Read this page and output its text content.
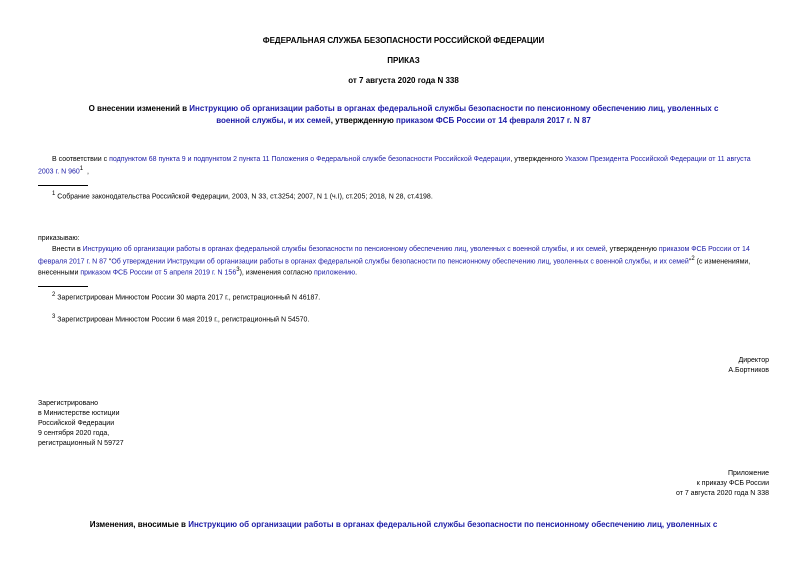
ФЕДЕРАЛЬНАЯ СЛУЖБА БЕЗОПАСНОСТИ РОССИЙСКОЙ ФЕДЕРАЦИИ
ПРИКАЗ
от 7 августа 2020 года N 338
О внесении изменений в Инструкцию об организации работы в органах федеральной службы безопасности по пенсионному обеспечению лиц, уволенных с
военной службы, и их семей, утвержденную приказом ФСБ России от 14 февраля 2017 г. N 87
В соответствии с подпунктом 68 пункта 9 и подпунктом 2 пункта 11 Положения о Федеральной службе безопасности Российской Федерации, утвержденного Указом Президента Российской Федерации от 11 августа
2003 г. N 9601 ,
1 Собрание законодательства Российской Федерации, 2003, N 33, ст.3254; 2007, N 1 (ч.I), ст.205; 2018, N 28, ст.4198.
приказываю:
Внести в Инструкцию об организации работы в органах федеральной службы безопасности по пенсионному обеспечению лиц, уволенных с военной службы, и их семей, утвержденную приказом ФСБ России от 14
февраля 2017 г. N 87 "Об утверждении Инструкции об организации работы в органах федеральной службы безопасности по пенсионному обеспечению лиц, уволенных с военной службы, и их семей"2 (с изменениями,
внесенными приказом ФСБ России от 5 апреля 2019 г. N 1563), изменения согласно приложению.
2 Зарегистрирован Минюстом России 30 марта 2017 г., регистрационный N 46187.
3 Зарегистрирован Минюстом России 6 мая 2019 г., регистрационный N 54570.
Директор
А.Бортников
Зарегистрировано
в Министерстве юстиции
Российской Федерации
9 сентября 2020 года,
регистрационный N 59727
Приложение
к приказу ФСБ России
от 7 августа 2020 года N 338
Изменения, вносимые в Инструкцию об организации работы в органах федеральной службы безопасности по пенсионному обеспечению лиц, уволенных с
